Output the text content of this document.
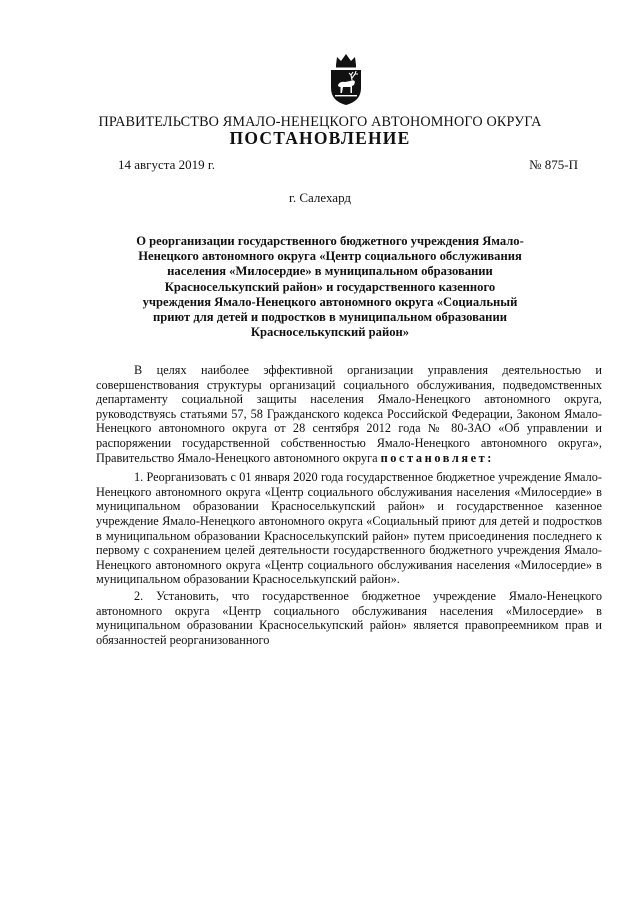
ПРАВИТЕЛЬСТВО ЯМАЛО-НЕНЕЦКОГО АВТОНОМНОГО ОКРУГА
ПОСТАНОВЛЕНИЕ
14 августа 2019 г.	№ 875-П
г. Салехард
О реорганизации государственного бюджетного учреждения Ямало-Ненецкого автономного округа «Центр социального обслуживания населения «Милосердие» в муниципальном образовании Красноселькупский район» и государственного казенного учреждения Ямало-Ненецкого автономного округа «Социальный приют для детей и подростков в муниципальном образовании Красноселькупский район»

В целях наиболее эффективной организации управления деятельностью и совершенствования структуры организаций социального обслуживания, подведомственных департаменту социальной защиты населения Ямало-Ненецкого автономного округа, руководствуясь статьями 57, 58 Гражданского кодекса Российской Федерации, Законом Ямало-Ненецкого автономного округа от 28 сентября 2012 года № 80-ЗАО «Об управлении и распоряжении государственной собственностью Ямало-Ненецкого автономного округа», Правительство Ямало-Ненецкого автономного округа постановляет:

1. Реорганизовать с 01 января 2020 года государственное бюджетное учреждение Ямало-Ненецкого автономного округа «Центр социального обслуживания населения «Милосердие» в муниципальном образовании Красноселькупский район» и государственное казенное учреждение Ямало-Ненецкого автономного округа «Социальный приют для детей и подростков в муниципальном образовании Красноселькупский район» путем присоединения последнего к первому с сохранением целей деятельности государственного бюджетного учреждения Ямало-Ненецкого автономного округа «Центр социального обслуживания населения «Милосердие» в муниципальном образовании Красноселькупский район».

2. Установить, что государственное бюджетное учреждение Ямало-Ненецкого автономного округа «Центр социального обслуживания населения «Милосердие» в муниципальном образовании Красноселькупский район» является правопреемником прав и обязанностей реорганизованного
